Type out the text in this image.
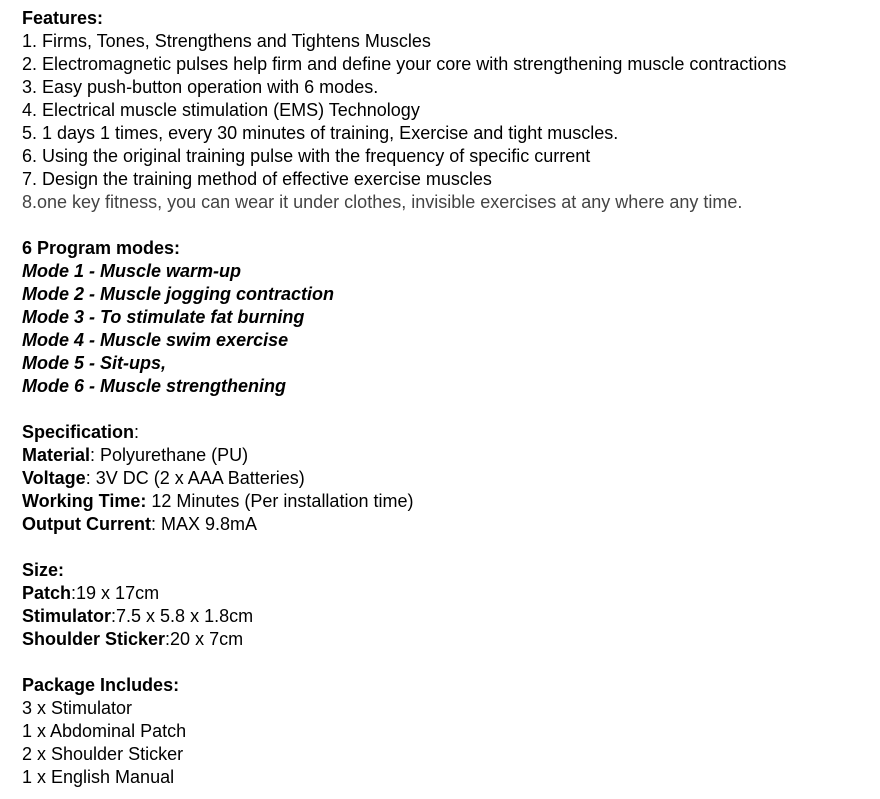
Features:
1. Firms, Tones, Strengthens and Tightens Muscles
2. Electromagnetic pulses help firm and define your core with strengthening muscle contractions
3. Easy push-button operation with 6 modes.
4. Electrical muscle stimulation (EMS) Technology
5. 1 days 1 times, every 30 minutes of training, Exercise and tight muscles.
6. Using the original training pulse with the frequency of specific current
7. Design the training method of effective exercise muscles
8.one key fitness, you can wear it under clothes, invisible exercises at any where any time.
6 Program modes:
Mode 1 - Muscle warm-up
Mode 2 - Muscle jogging contraction
Mode 3 - To stimulate fat burning
Mode 4 - Muscle swim exercise
Mode 5 - Sit-ups,
Mode 6 - Muscle strengthening
Specification:
Material: Polyurethane (PU)
Voltage: 3V DC (2 x AAA Batteries)
Working Time: 12 Minutes (Per installation time)
Output Current: MAX 9.8mA
Size:
Patch:19 x 17cm
Stimulator:7.5 x 5.8 x 1.8cm
Shoulder Sticker:20 x 7cm
Package Includes:
3 x Stimulator
1 x Abdominal Patch
2 x Shoulder Sticker
1 x English Manual
